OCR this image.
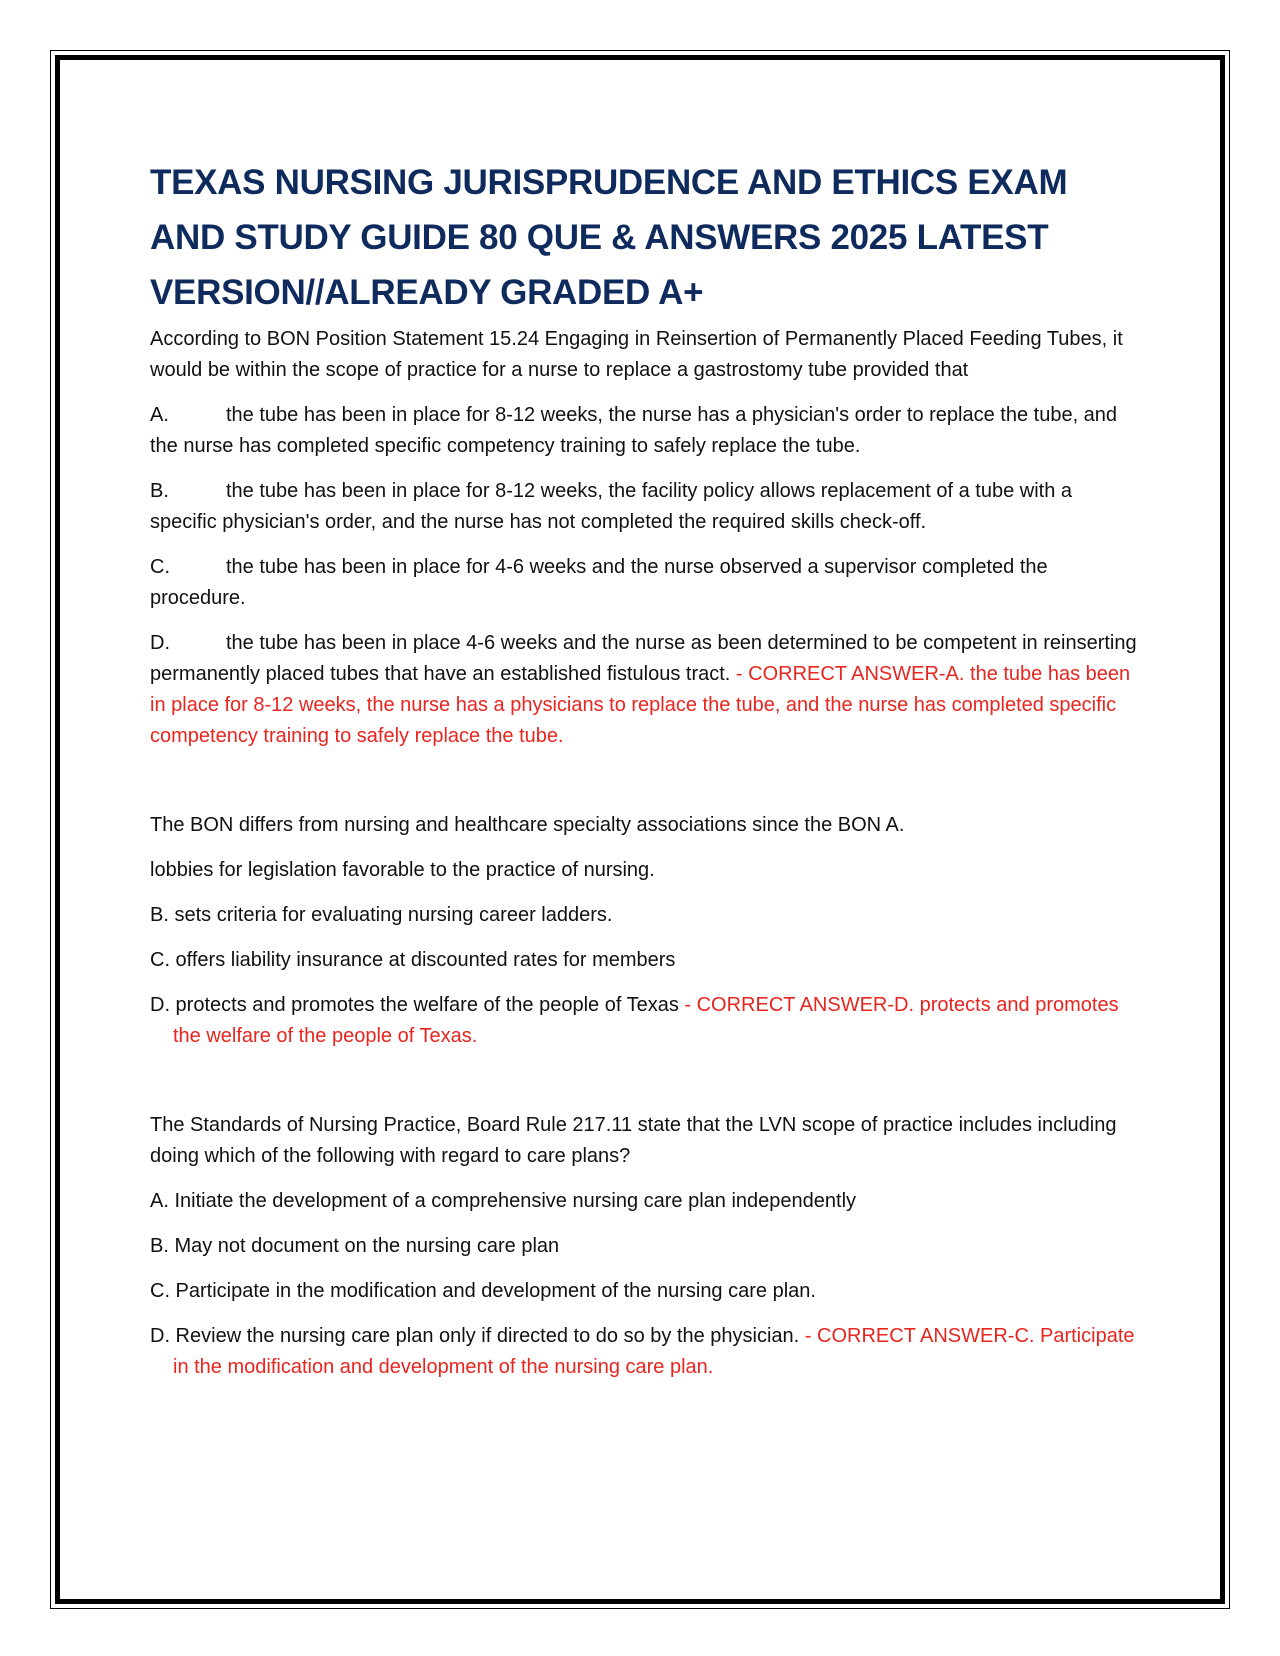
TEXAS NURSING JURISPRUDENCE AND ETHICS EXAM AND STUDY GUIDE 80 QUE & ANSWERS 2025 LATEST VERSION//ALREADY GRADED A+

According to BON Position Statement 15.24 Engaging in Reinsertion of Permanently Placed Feeding Tubes, it would be within the scope of practice for a nurse to replace a gastrostomy tube provided that

A.	the tube has been in place for 8-12 weeks, the nurse has a physician's order to replace the tube, and the nurse has completed specific competency training to safely replace the tube.

B.	the tube has been in place for 8-12 weeks, the facility policy allows replacement of a tube with a specific physician's order, and the nurse has not completed the required skills check-off.

C.	the tube has been in place for 4-6 weeks and the nurse observed a supervisor completed the procedure.

D.	the tube has been in place 4-6 weeks and the nurse as been determined to be competent in reinserting permanently placed tubes that have an established fistulous tract. - CORRECT ANSWER-A. the tube has been in place for 8-12 weeks, the nurse has a physicians to replace the tube, and the nurse has completed specific competency training to safely replace the tube.

The BON differs from nursing and healthcare specialty associations since the BON A.

lobbies for legislation favorable to the practice of nursing.

B. sets criteria for evaluating nursing career ladders.

C. offers liability insurance at discounted rates for members

D. protects and promotes the welfare of the people of Texas - CORRECT ANSWER-D. protects and promotes the welfare of the people of Texas.

The Standards of Nursing Practice, Board Rule 217.11 state that the LVN scope of practice includes including doing which of the following with regard to care plans?

A. Initiate the development of a comprehensive nursing care plan independently

B. May not document on the nursing care plan

C. Participate in the modification and development of the nursing care plan.

D. Review the nursing care plan only if directed to do so by the physician. - CORRECT ANSWER-C. Participate in the modification and development of the nursing care plan.
